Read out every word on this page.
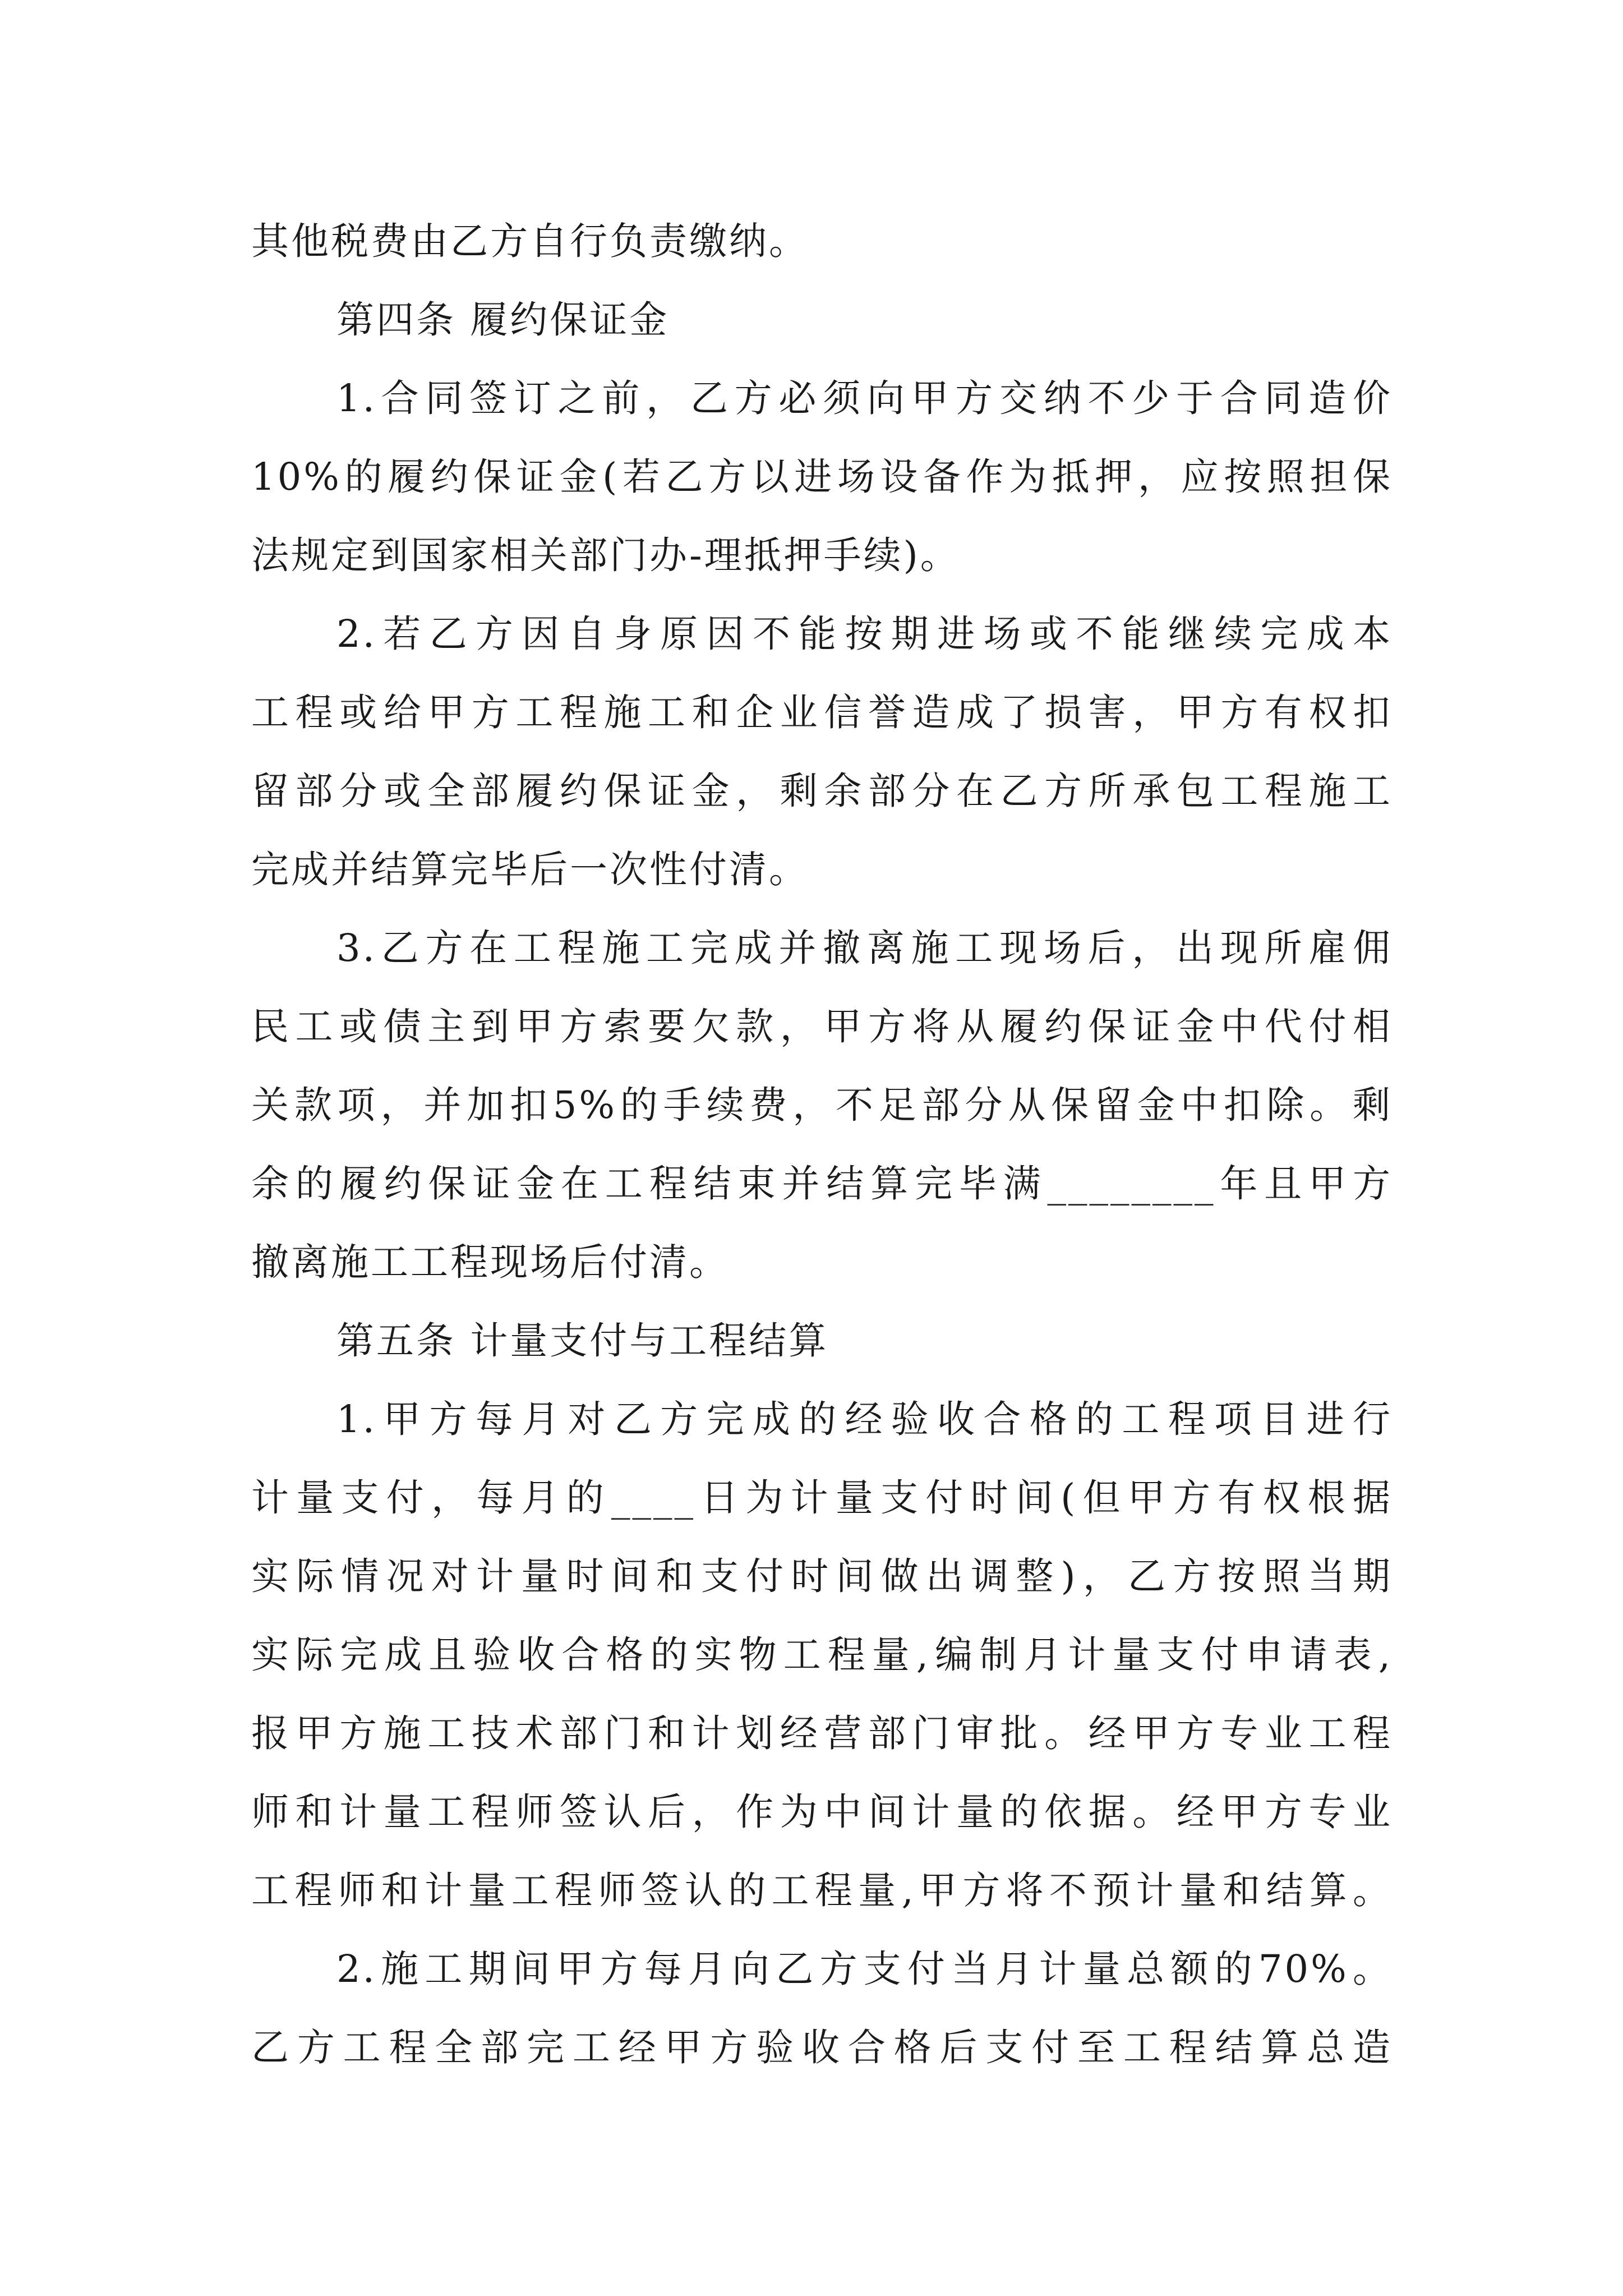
其他税费由乙方自行负责缴纳。
第四条 履约保证金
1.合同签订之前，乙方必须向甲方交纳不少于合同造价
10%的履约保证金(若乙方以进场设备作为抵押，应按照担保
法规定到国家相关部门办-理抵押手续)。
2.若乙方因自身原因不能按期进场或不能继续完成本
工程或给甲方工程施工和企业信誉造成了损害，甲方有权扣
留部分或全部履约保证金，剩余部分在乙方所承包工程施工
完成并结算完毕后一次性付清。
3.乙方在工程施工完成并撤离施工现场后，出现所雇佣
民工或债主到甲方索要欠款，甲方将从履约保证金中代付相
关款项，并加扣5%的手续费，不足部分从保留金中扣除。剩
余的履约保证金在工程结束并结算完毕满________年且甲方
撤离施工工程现场后付清。
第五条 计量支付与工程结算
1.甲方每月对乙方完成的经验收合格的工程项目进行
计量支付，每月的____日为计量支付时间(但甲方有权根据
实际情况对计量时间和支付时间做出调整)，乙方按照当期
实际完成且验收合格的实物工程量,编制月计量支付申请表,
报甲方施工技术部门和计划经营部门审批。经甲方专业工程
师和计量工程师签认后，作为中间计量的依据。经甲方专业
工程师和计量工程师签认的工程量,甲方将不预计量和结算。
2.施工期间甲方每月向乙方支付当月计量总额的70%。
乙方工程全部完工经甲方验收合格后支付至工程结算总造
